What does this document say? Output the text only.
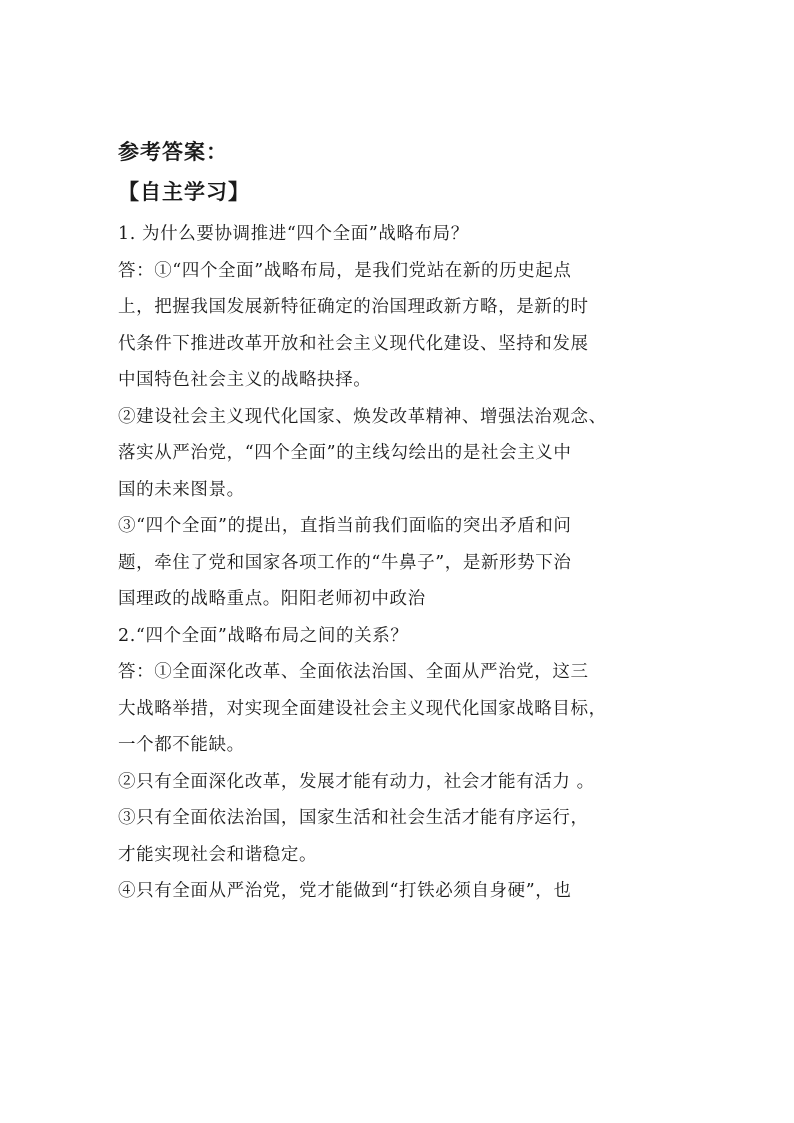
参考答案：
【自主学习】
1. 为什么要协调推进“四个全面”战略布局？
答：①“四个全面”战略布局，是我们党站在新的历史起点
上，把握我国发展新特征确定的治国理政新方略，是新的时
代条件下推进改革开放和社会主义现代化建设、坚持和发展
中国特色社会主义的战略抉择。
②建设社会主义现代化国家、焕发改革精神、增强法治观念、
落实从严治党，“四个全面”的主线勾绘出的是社会主义中
国的未来图景。
③“四个全面”的提出，直指当前我们面临的突出矛盾和问
题，牵住了党和国家各项工作的“牛鼻子”，是新形势下治
国理政的战略重点。阳阳老师初中政治
2.“四个全面”战略布局之间的关系？
答：①全面深化改革、全面依法治国、全面从严治党，这三
大战略举措，对实现全面建设社会主义现代化国家战略目标，
一个都不能缺。
②只有全面深化改革，发展才能有动力，社会才能有活力 。
③只有全面依法治国，国家生活和社会生活才能有序运行，
才能实现社会和谐稳定。
④只有全面从严治党，党才能做到“打铁必须自身硬”，也
